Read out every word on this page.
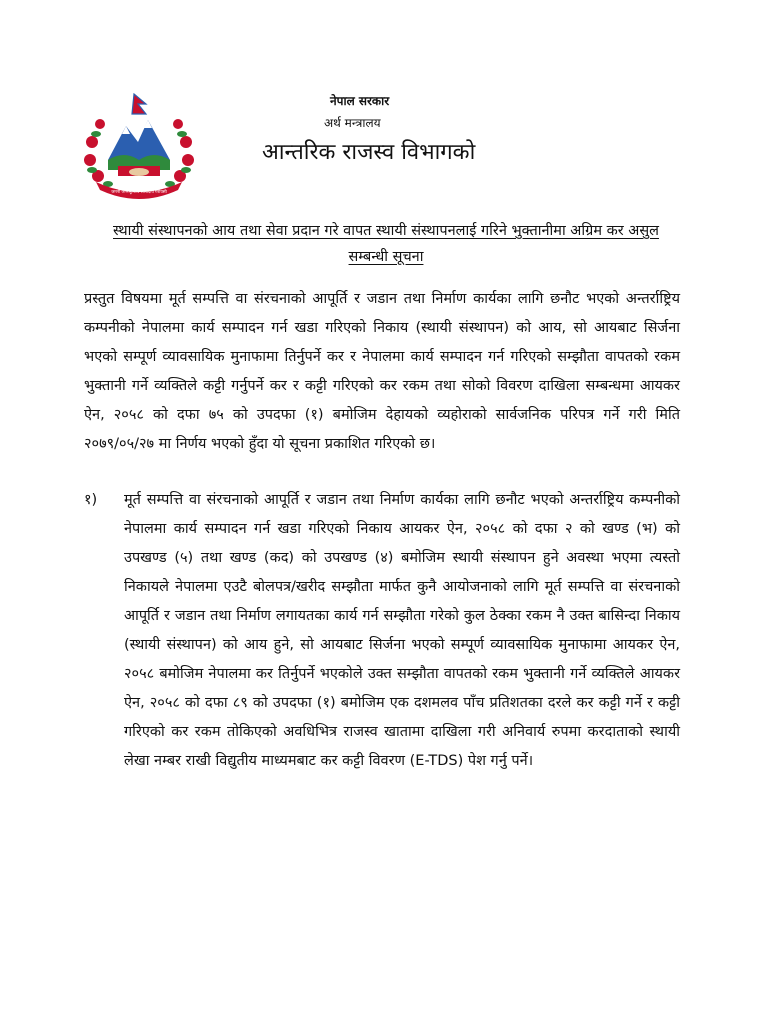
जननी जन्मभूमिश्च स्वर्गादपि गरीयसी
नेपाल सरकार
अर्थ मन्त्रालय
आन्तरिक राजस्व विभागको
स्थायी संस्थापनको आय तथा सेवा प्रदान गरे वापत स्थायी संस्थापनलाई गरिने भुक्तानीमा अग्रिम कर असुल सम्बन्धी सूचना

प्रस्तुत विषयमा मूर्त सम्पत्ति वा संरचनाको आपूर्ति र जडान तथा निर्माण कार्यका लागि छनौट भएको अन्तर्राष्ट्रिय कम्पनीको नेपालमा कार्य सम्पादन गर्न खडा गरिएको निकाय (स्थायी संस्थापन) को आय, सो आयबाट सिर्जना भएको सम्पूर्ण व्यावसायिक मुनाफामा तिर्नुपर्ने कर र नेपालमा कार्य सम्पादन गर्न गरिएको सम्झौता वापतको रकम भुक्तानी गर्ने व्यक्तिले कट्टी गर्नुपर्ने कर र कट्टी गरिएको कर रकम तथा सोको विवरण दाखिला सम्बन्धमा आयकर ऐन, २०५८ को दफा ७५ को उपदफा (१) बमोजिम देहायको व्यहोराको सार्वजनिक परिपत्र गर्ने गरी मिति २०७९/०५/२७ मा निर्णय भएको हुँदा यो सूचना प्रकाशित गरिएको छ।

१) मूर्त सम्पत्ति वा संरचनाको आपूर्ति र जडान तथा निर्माण कार्यका लागि छनौट भएको अन्तर्राष्ट्रिय कम्पनीको नेपालमा कार्य सम्पादन गर्न खडा गरिएको निकाय आयकर ऐन, २०५८ को दफा २ को खण्ड (भ) को उपखण्ड (५) तथा खण्ड (कद) को उपखण्ड (४) बमोजिम स्थायी संस्थापन हुने अवस्था भएमा त्यस्तो निकायले नेपालमा एउटै बोलपत्र/खरीद सम्झौता मार्फत कुनै आयोजनाको लागि मूर्त सम्पत्ति वा संरचनाको आपूर्ति र जडान तथा निर्माण लगायतका कार्य गर्न सम्झौता गरेको कुल ठेक्का रकम नै उक्त बासिन्दा निकाय (स्थायी संस्थापन) को आय हुने, सो आयबाट सिर्जना भएको सम्पूर्ण व्यावसायिक मुनाफामा आयकर ऐन, २०५८ बमोजिम नेपालमा कर तिर्नुपर्ने भएकोले उक्त सम्झौता वापतको रकम भुक्तानी गर्ने व्यक्तिले आयकर ऐन, २०५८ को दफा ८९ को उपदफा (१) बमोजिम एक दशमलव पाँच प्रतिशतका दरले कर कट्टी गर्ने र कट्टी गरिएको कर रकम तोकिएको अवधिभित्र राजस्व खातामा दाखिला गरी अनिवार्य रुपमा करदाताको स्थायी लेखा नम्बर राखी विद्युतीय माध्यमबाट कर कट्टी विवरण (E-TDS) पेश गर्नु पर्ने।
